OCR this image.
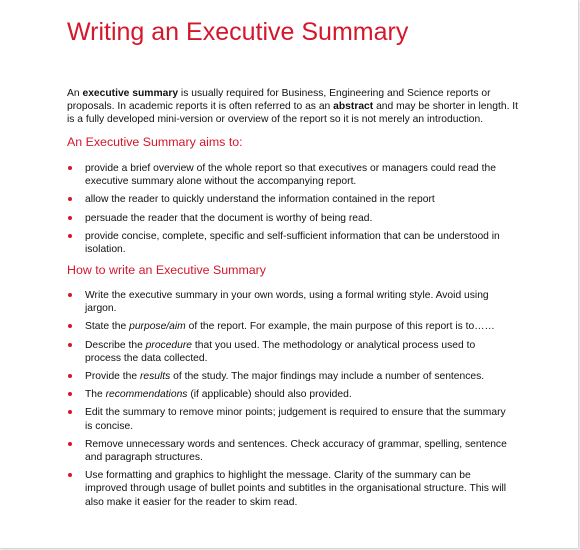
Writing an Executive Summary
An executive summary is usually required for Business, Engineering and Science reports or proposals. In academic reports it is often referred to as an abstract and may be shorter in length. It is a fully developed mini-version or overview of the report so it is not merely an introduction.
An Executive Summary aims to:
provide a brief overview of the whole report so that executives or managers could read the executive summary alone without the accompanying report.
allow the reader to quickly understand the information contained in the report
persuade the reader that the document is worthy of being read.
provide concise, complete, specific and self-sufficient information that can be understood in isolation.
How to write an Executive Summary
Write the executive summary in your own words, using a formal writing style. Avoid using jargon.
State the purpose/aim of the report. For example, the main purpose of this report is to……
Describe the procedure that you used. The methodology or analytical process used to process the data collected.
Provide the results of the study. The major findings may include a number of sentences.
The recommendations (if applicable) should also provided.
Edit the summary to remove minor points; judgement is required to ensure that the summary is concise.
Remove unnecessary words and sentences. Check accuracy of grammar, spelling, sentence and paragraph structures.
Use formatting and graphics to highlight the message. Clarity of the summary can be improved through usage of bullet points and subtitles in the organisational structure. This will also make it easier for the reader to skim read.
